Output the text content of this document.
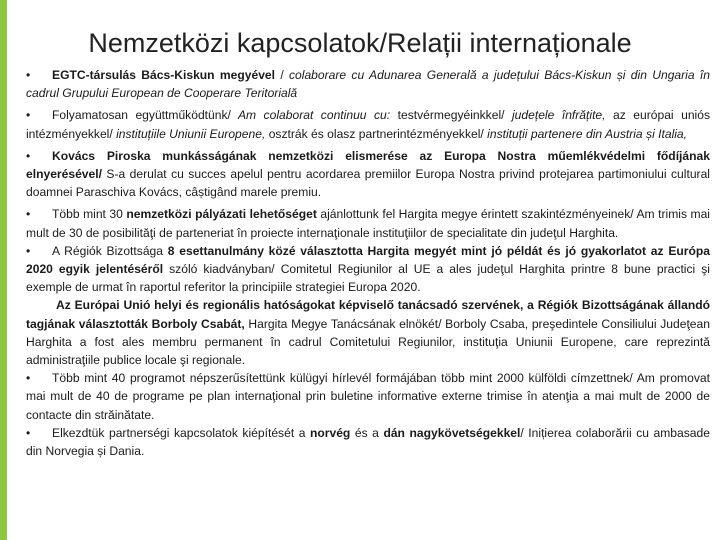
Nemzetközi kapcsolatok/Relații internaționale

• EGTC-társulás Bács-Kiskun megyével / colaborare cu Adunarea Generală a județului Bács-Kiskun și din Ungaria în cadrul Grupului European de Cooperare Teritorială

• Folyamatosan együttműködtünk/ Am colaborat continuu cu: testvérmegyéinkkel/ județele înfrățite, az európai uniós intézményekkel/ instituțiile Uniunii Europene, osztrák és olasz partnerintézményekkel/ instituții partenere din Austria și Italia,

• Kovács Piroska munkásságának nemzetközi elismerése az Europa Nostra műemlékvédelmi fődíjának elnyerésével/ S-a derulat cu succes apelul pentru acordarea premiilor Europa Nostra privind protejarea partimoniului cultural doamnei Paraschiva Kovács, câștigând marele premiu.

• Több mint 30 nemzetközi pályázati lehetőséget ajánlottunk fel Hargita megye érintett szakintézményeinek/ Am trimis mai mult de 30 de posibilităţi de parteneriat în proiecte internaţionale instituţiilor de specialitate din judeţul Harghita.

• A Régiók Bizottsága 8 esettanulmány közé választotta Hargita megyét mint jó példát és jó gyakorlatot az Európa 2020 egyik jelentéséről szóló kiadványban/ Comitetul Regiunilor al UE a ales judeţul Harghita printre 8 bune practici şi exemple de urmat în raportul referitor la principiile strategiei Europa 2020.

Az Európai Unió helyi és regionális hatóságokat képviselő tanácsadó szervének, a Régiók Bizottságának állandó tagjának választották Borboly Csabát, Hargita Megye Tanácsának elnökét/ Borboly Csaba, preşedintele Consiliului Judeţean Harghita a fost ales membru permanent în cadrul Comitetului Regiunilor, instituţia Uniunii Europene, care reprezintă administraţiile publice locale şi regionale.

• Több mint 40 programot népszerűsítettünk külügyi hírlevél formájában több mint 2000 külföldi címzettnek/ Am promovat mai mult de 40 de programe pe plan internaţional prin buletine informative externe trimise în atenţia a mai mult de 2000 de contacte din străinătate.

• Elkezdtük partnerségi kapcsolatok kiépítését a norvég és a dán nagykövetségekkel/ Inițierea colaborării cu ambasade din Norvegia și Dania.
